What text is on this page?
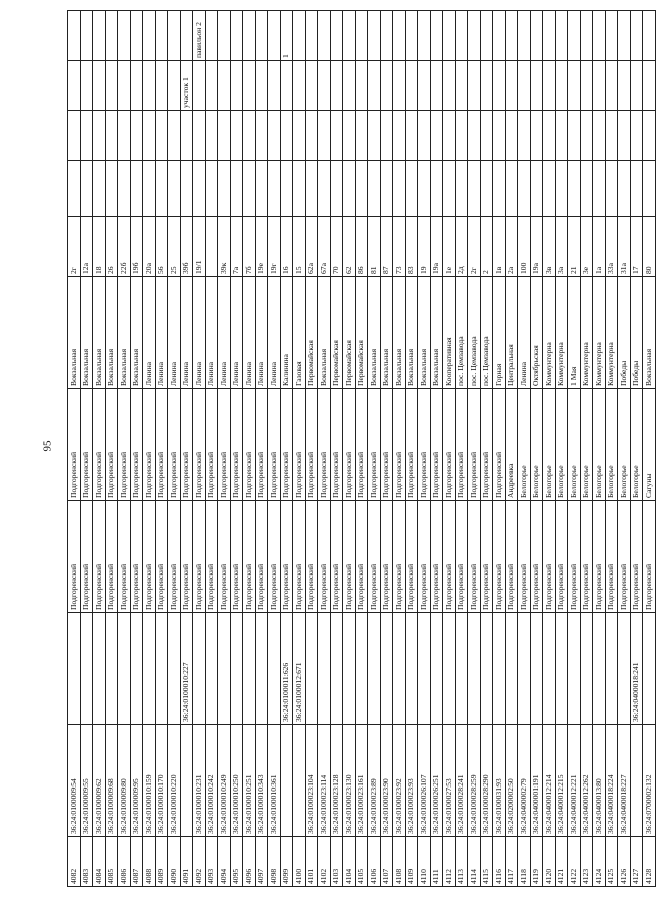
95
4082	36:24:0100009:54		Подгоренский	Подгоренский	Вокзальная	2г				
4083	36:24:0100009:55		Подгоренский	Подгоренский	Вокзальная	12а				
4084	36:24:0100009:62		Подгоренский	Подгоренский	Вокзальная	18				
4085	36:24:0100009:68		Подгоренский	Подгоренский	Вокзальная	26				
4086	36:24:0100009:80		Подгоренский	Подгоренский	Вокзальная	22б				
4087	36:24:0100009:95		Подгоренский	Подгоренский	Вокзальная	19б				
4088	36:24:0100010:159		Подгоренский	Подгоренский	Ленина	20а				
4089	36:24:0100010:170		Подгоренский	Подгоренский	Ленина	56				
4090	36:24:0100010:220		Подгоренский	Подгоренский	Ленина	25				
4091		36:24:0100010:227	Подгоренский	Подгоренский	Ленина	39б			участок 1	
4092	36:24:0100010:231		Подгоренский	Подгоренский	Ленина	19/1				павильон 2
4093	36:24:0100010:242		Подгоренский	Подгоренский	Ленина					
4094	36:24:0100010:249		Подгоренский	Подгоренский	Ленина	39к				
4095	36:24:0100010:250		Подгоренский	Подгоренский	Ленина	7а				
4096	36:24:0100010:251		Подгоренский	Подгоренский	Ленина	7б				
4097	36:24:0100010:343		Подгоренский	Подгоренский	Ленина	19е				
4098	36:24:0100010:361		Подгоренский	Подгоренский	Ленина	19г				
4099		36:24:0100011:626	Подгоренский	Подгоренский	Калинина	16				1
4100		36:24:0100012:671	Подгоренский	Подгоренский	Газовая	15				
4101	36:24:0100023:104		Подгоренский	Подгоренский	Первомайская	62а				
4102	36:24:0100023:114		Подгоренский	Подгоренский	Вокзальная	67а				
4103	36:24:0100023:128		Подгоренский	Подгоренский	Первомайская	70				
4104	36:24:0100023:130		Подгоренский	Подгоренский	Первомайская	62				
4105	36:24:0100023:161		Подгоренский	Подгоренский	Первомайская	86				
4106	36:24:0100023:89		Подгоренский	Подгоренский	Вокзальная	81				
4107	36:24:0100023:90		Подгоренский	Подгоренский	Вокзальная	87				
4108	36:24:0100023:92		Подгоренский	Подгоренский	Вокзальная	73				
4109	36:24:0100023:93		Подгоренский	Подгоренский	Вокзальная	83				
4110	36:24:0100026:107		Подгоренский	Подгоренский	Вокзальная	19				
4111	36:24:0100026:251		Подгоренский	Подгоренский	Вокзальная	19а				
4112	36:24:0100027:53		Подгоренский	Подгоренский	Кооперативная	1е				
4113	36:24:0100028:241		Подгоренский	Подгоренский	пос. Цемзавода	2д				
4114	36:24:0100028:259		Подгоренский	Подгоренский	пос. Цемзавода	2г				
4115	36:24:0100028:290		Подгоренский	Подгоренский	пос. Цемзавода	2				
4116	36:24:0100031:93		Подгоренский	Подгоренский	Горная	1в				
4117	36:24:0200002:50		Подгоренский	Андреевка	Центральная	2а				
4118	36:24:0400002:79		Подгоренский	Белогорье	Ленина	100				
4119	36:24:0400001:191		Подгоренский	Белогорье	Октябрьская	19а				
4120	36:24:0400012:214		Подгоренский	Белогорье	Коммунтерна	3в				
4121	36:24:0400012:215		Подгоренский	Белогорье	Коммунтерна	3а				
4122	36:24:0400012:221		Подгоренский	Белогорье	1 Мая	21				
4123	36:24:0400012:262		Подгоренский	Белогорье	Коммунтерна	3е				
4124	36:24:0400013:80		Подгоренский	Белогорье	Коммунтерна	1а				
4125	36:24:0400018:224		Подгоренский	Белогорье	Коммунтерна	33а				
4126	36:24:0400018:227		Подгоренский	Белогорье	Победы	31а				
4127		36:24:0400018:241	Подгоренский	Белогорье	Победы	17				
4128	36:24:0700002:132		Подгоренский	Сагуны	Вокзальная	80				
